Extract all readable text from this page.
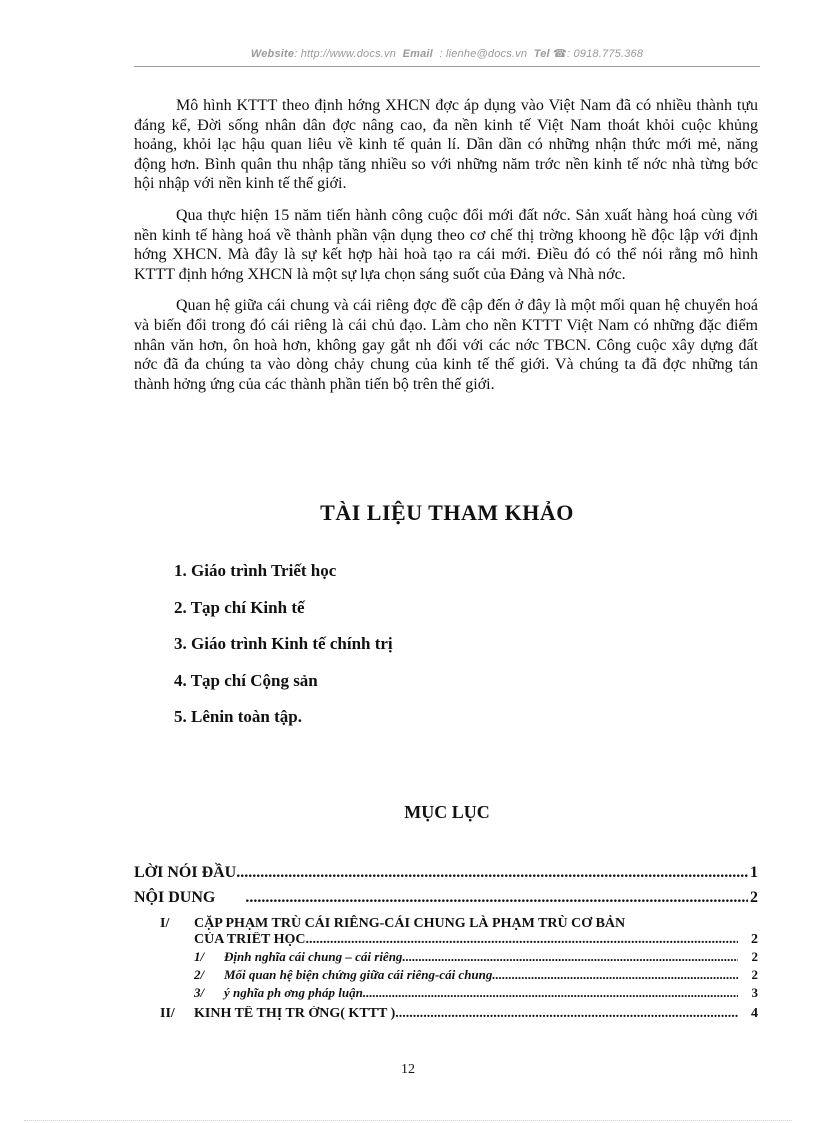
Website: http://www.docs.vn Email : lienhe@docs.vn Tel ☎: 0918.775.368

Mô hình KTTT theo định hớng XHCN đợc áp dụng vào Việt Nam đã có nhiều thành tựu đáng kể, Đời sống nhân dân đợc nâng cao, đa nền kinh tế Việt Nam thoát khỏi cuộc khủng hoảng, khỏi lạc hậu quan liêu về kinh tế quản lí. Dần dần có những nhận thức mới mẻ, năng động hơn. Bình quân thu nhập tăng nhiều so với những năm trớc nền kinh tế nớc nhà từng bớc hội nhập với nền kinh tế thế giới.

Qua thực hiện 15 năm tiến hành công cuộc đổi mới đất nớc. Sản xuất hàng hoá cùng với nền kinh tế hàng hoá về thành phần vận dụng theo cơ chế thị trờng khoong hề độc lập với định hớng XHCN. Mà đây là sự kết hợp hài hoà tạo ra cái mới. Điều đó có thể nói rằng mô hình KTTT định hớng XHCN là một sự lựa chọn sáng suốt của Đảng và Nhà nớc.

Quan hệ giữa cái chung và cái riêng đợc đề cập đến ở đây là một mối quan hệ chuyển hoá và biến đổi trong đó cái riêng là cái chủ đạo. Làm cho nền KTTT Việt Nam có những đặc điểm nhân văn hơn, ôn hoà hơn, không gay gắt nh đối với các nớc TBCN. Công cuộc xây dựng đất nớc đã đa chúng ta vào dòng chảy chung của kinh tế thế giới. Và chúng ta đã đợc những tán thành hởng ứng của các thành phần tiến bộ trên thế giới.

TÀI LIỆU THAM KHẢO
1. Giáo trình Triết học
2. Tạp chí Kinh tế
3. Giáo trình Kinh tế chính trị
4. Tạp chí Cộng sản
5. Lênin toàn tập.
MỤC LỤC
LỜI NÓI ĐẦU .....	1
NỘI DUNG .....	2
I/ CẶP PHẠM TRÙ CÁI RIÊNG-CÁI CHUNG LÀ PHẠM TRÙ CƠ BẢN
CỦA TRIẾT HỌC .....	2
1/ Định nghĩa cái chung – cái riêng .....	2
2/ Mối quan hệ biện chứng giữa cái riêng-cái chung .....	2
3/ ý nghĩa ph ơng pháp luận .....	3
II/ KINH TẾ THỊ TR ỜNG( KTTT ) .....	4
12
